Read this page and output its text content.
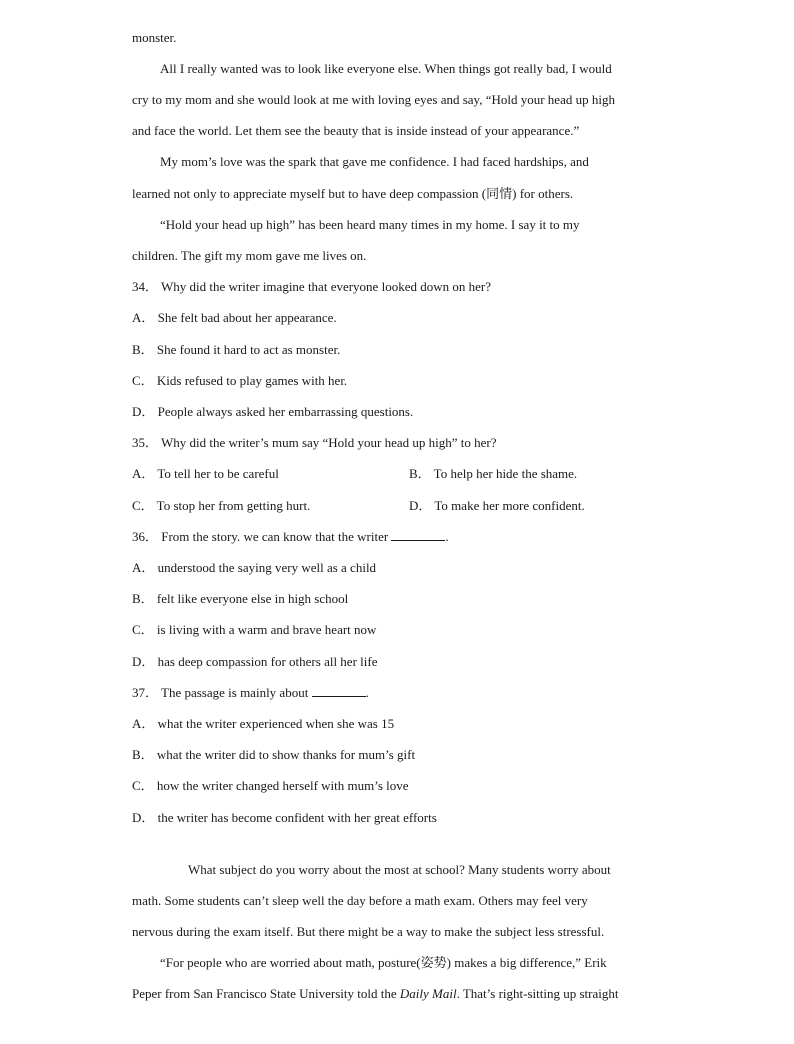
monster.
All I really wanted was to look like everyone else. When things got really bad, I would
cry to my mom and she would look at me with loving eyes and say, “Hold your head up high
and face the world. Let them see the beauty that is inside instead of your appearance.”
My mom’s love was the spark that gave me confidence. I had faced hardships, and
learned not only to appreciate myself but to have deep compassion (同情) for others.
“Hold your head up high” has been heard many times in my home. I say it to my
children. The gift my mom gave me lives on.
34． Why did the writer imagine that everyone looked down on her?
A． She felt bad about her appearance.
B． She found it hard to act as monster.
C． Kids refused to play games with her.
D． People always asked her embarrassing questions.
35． Why did the writer’s mum say “Hold your head up high” to her?
A． To tell her to be careful	B． To help her hide the shame.
C． To stop her from getting hurt.	D． To make her more confident.
36． From the story. we can know that the writer	.
A． understood the saying very well as a child
B． felt like everyone else in high school
C． is living with a warm and brave heart now
D． has deep compassion for others all her life
37． The passage is mainly about	.
A． what the writer experienced when she was 15
B． what the writer did to show thanks for mum’s gift
C． how the writer changed herself with mum’s love
D． the writer has become confident with her great efforts
What subject do you worry about the most at school? Many students worry about
math. Some students can’t sleep well the day before a math exam. Others may feel very
nervous during the exam itself. But there might be a way to make the subject less stressful.
“For people who are worried about math, posture(姿势) makes a big difference,” Erik
Peper from San Francisco State University told the Daily Mail. That’s right-sitting up straight
